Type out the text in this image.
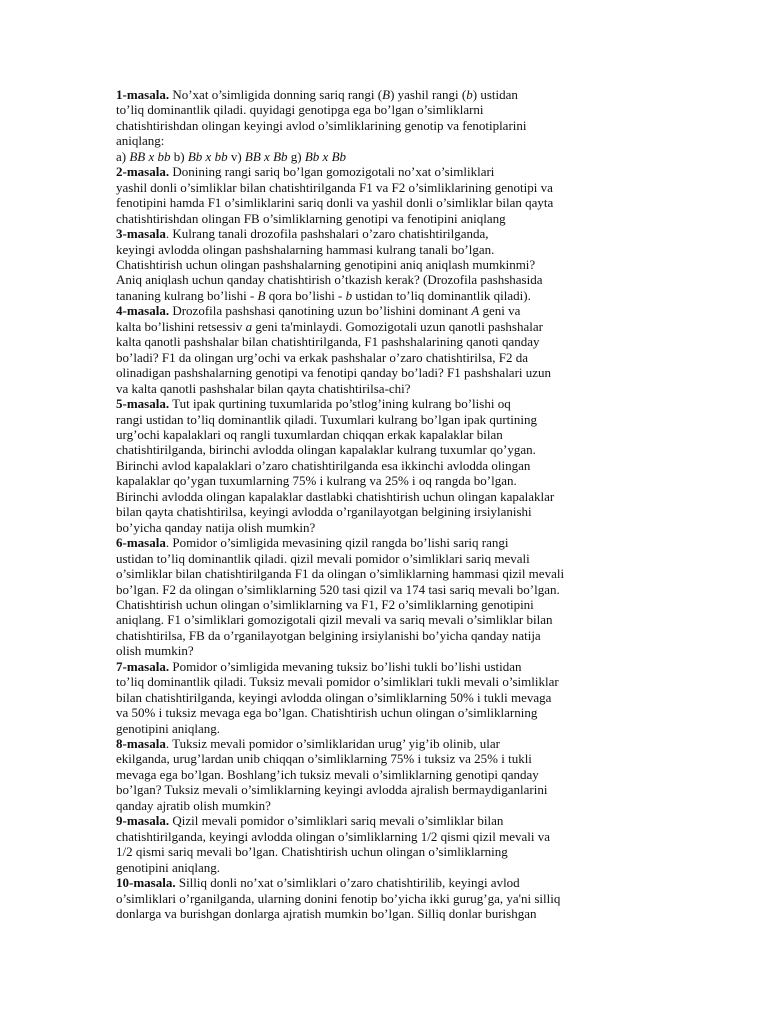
1-masala. No’xat o’simligida donning sariq rangi (B) yashil rangi (b) ustidan
to’liq dominantlik qiladi. quyidagi genotipga ega bo’lgan o’simliklarni
chatishtirishdan olingan keyingi avlod o’simliklarining genotip va fenotiplarini
aniqlang:
a) BB x bb b) Bb x bb v) BB x Bb g) Bb x Bb
2-masala. Donining rangi sariq bo’lgan gomozigotali no’xat o’simliklari
yashil donli o’simliklar bilan chatishtirilganda F1 va F2 o’simliklarining genotipi va
fenotipini hamda F1 o’simliklarini sariq donli va yashil donli o’simliklar bilan qayta
chatishtirishdan olingan FB o’simliklarning genotipi va fenotipini aniqlang
3-masala. Kulrang tanali drozofila pashshalari o’zaro chatishtirilganda,
keyingi avlodda olingan pashshalarning hammasi kulrang tanali bo’lgan.
Chatishtirish uchun olingan pashshalarning genotipini aniq aniqlash mumkinmi?
Aniq aniqlash uchun qanday chatishtirish o’tkazish kerak? (Drozofila pashshasida
tananing kulrang bo’lishi - B qora bo’lishi - b ustidan to’liq dominantlik qiladi).
4-masala. Drozofila pashshasi qanotining uzun bo’lishini dominant A geni va
kalta bo’lishini retsessiv a geni ta'minlaydi. Gomozigotali uzun qanotli pashshalar
kalta qanotli pashshalar bilan chatishtirilganda, F1 pashshalarining qanoti qanday
bo’ladi? F1 da olingan urg’ochi va erkak pashshalar o’zaro chatishtirilsa, F2 da
olinadigan pashshalarning genotipi va fenotipi qanday bo’ladi? F1 pashshalari uzun
va kalta qanotli pashshalar bilan qayta chatishtirilsa-chi?
5-masala. Tut ipak qurtining tuxumlarida po’stlog’ining kulrang bo’lishi oq
rangi ustidan to’liq dominantlik qiladi. Tuxumlari kulrang bo’lgan ipak qurtining
urg’ochi kapalaklari oq rangli tuxumlardan chiqqan erkak kapalaklar bilan
chatishtirilganda, birinchi avlodda olingan kapalaklar kulrang tuxumlar qo’ygan.
Birinchi avlod kapalaklari o’zaro chatishtirilganda esa ikkinchi avlodda olingan
kapalaklar qo’ygan tuxumlarning 75% i kulrang va 25% i oq rangda bo’lgan.
Birinchi avlodda olingan kapalaklar dastlabki chatishtirish uchun olingan kapalaklar
bilan qayta chatishtirilsa, keyingi avlodda o’rganilayotgan belgining irsiylanishi
bo’yicha qanday natija olish mumkin?
6-masala. Pomidor o’simligida mevasining qizil rangda bo’lishi sariq rangi
ustidan to’liq dominantlik qiladi. qizil mevali pomidor o’simliklari sariq mevali
o’simliklar bilan chatishtirilganda F1 da olingan o’simliklarning hammasi qizil mevali
bo’lgan. F2 da olingan o’simliklarning 520 tasi qizil va 174 tasi sariq mevali bo’lgan.
Chatishtirish uchun olingan o’simliklarning va F1, F2 o’simliklarning genotipini
aniqlang. F1 o’simliklari gomozigotali qizil mevali va sariq mevali o’simliklar bilan
chatishtirilsa, FB da o’rganilayotgan belgining irsiylanishi bo’yicha qanday natija
olish mumkin?
7-masala. Pomidor o’simligida mevaning tuksiz bo’lishi tukli bo’lishi ustidan
to’liq dominantlik qiladi. Tuksiz mevali pomidor o’simliklari tukli mevali o’simliklar
bilan chatishtirilganda, keyingi avlodda olingan o’simliklarning 50% i tukli mevaga
va 50% i tuksiz mevaga ega bo’lgan. Chatishtirish uchun olingan o’simliklarning
genotipini aniqlang.
8-masala. Tuksiz mevali pomidor o’simliklaridan urug’ yig’ib olinib, ular
ekilganda, urug’lardan unib chiqqan o’simliklarning 75% i tuksiz va 25% i tukli
mevaga ega bo’lgan. Boshlang’ich tuksiz mevali o’simliklarning genotipi qanday
bo’lgan? Tuksiz mevali o’simliklarning keyingi avlodda ajralish bermaydiganlarini
qanday ajratib olish mumkin?
9-masala. Qizil mevali pomidor o’simliklari sariq mevali o’simliklar bilan
chatishtirilganda, keyingi avlodda olingan o’simliklarning 1/2 qismi qizil mevali va
1/2 qismi sariq mevali bo’lgan. Chatishtirish uchun olingan o’simliklarning
genotipini aniqlang.
10-masala. Silliq donli no’xat o’simliklari o’zaro chatishtirilib, keyingi avlod
o’simliklari o’rganilganda, ularning donini fenotip bo’yicha ikki gurug’ga, ya'ni silliq
donlarga va burishgan donlarga ajratish mumkin bo’lgan. Silliq donlar burishgan
